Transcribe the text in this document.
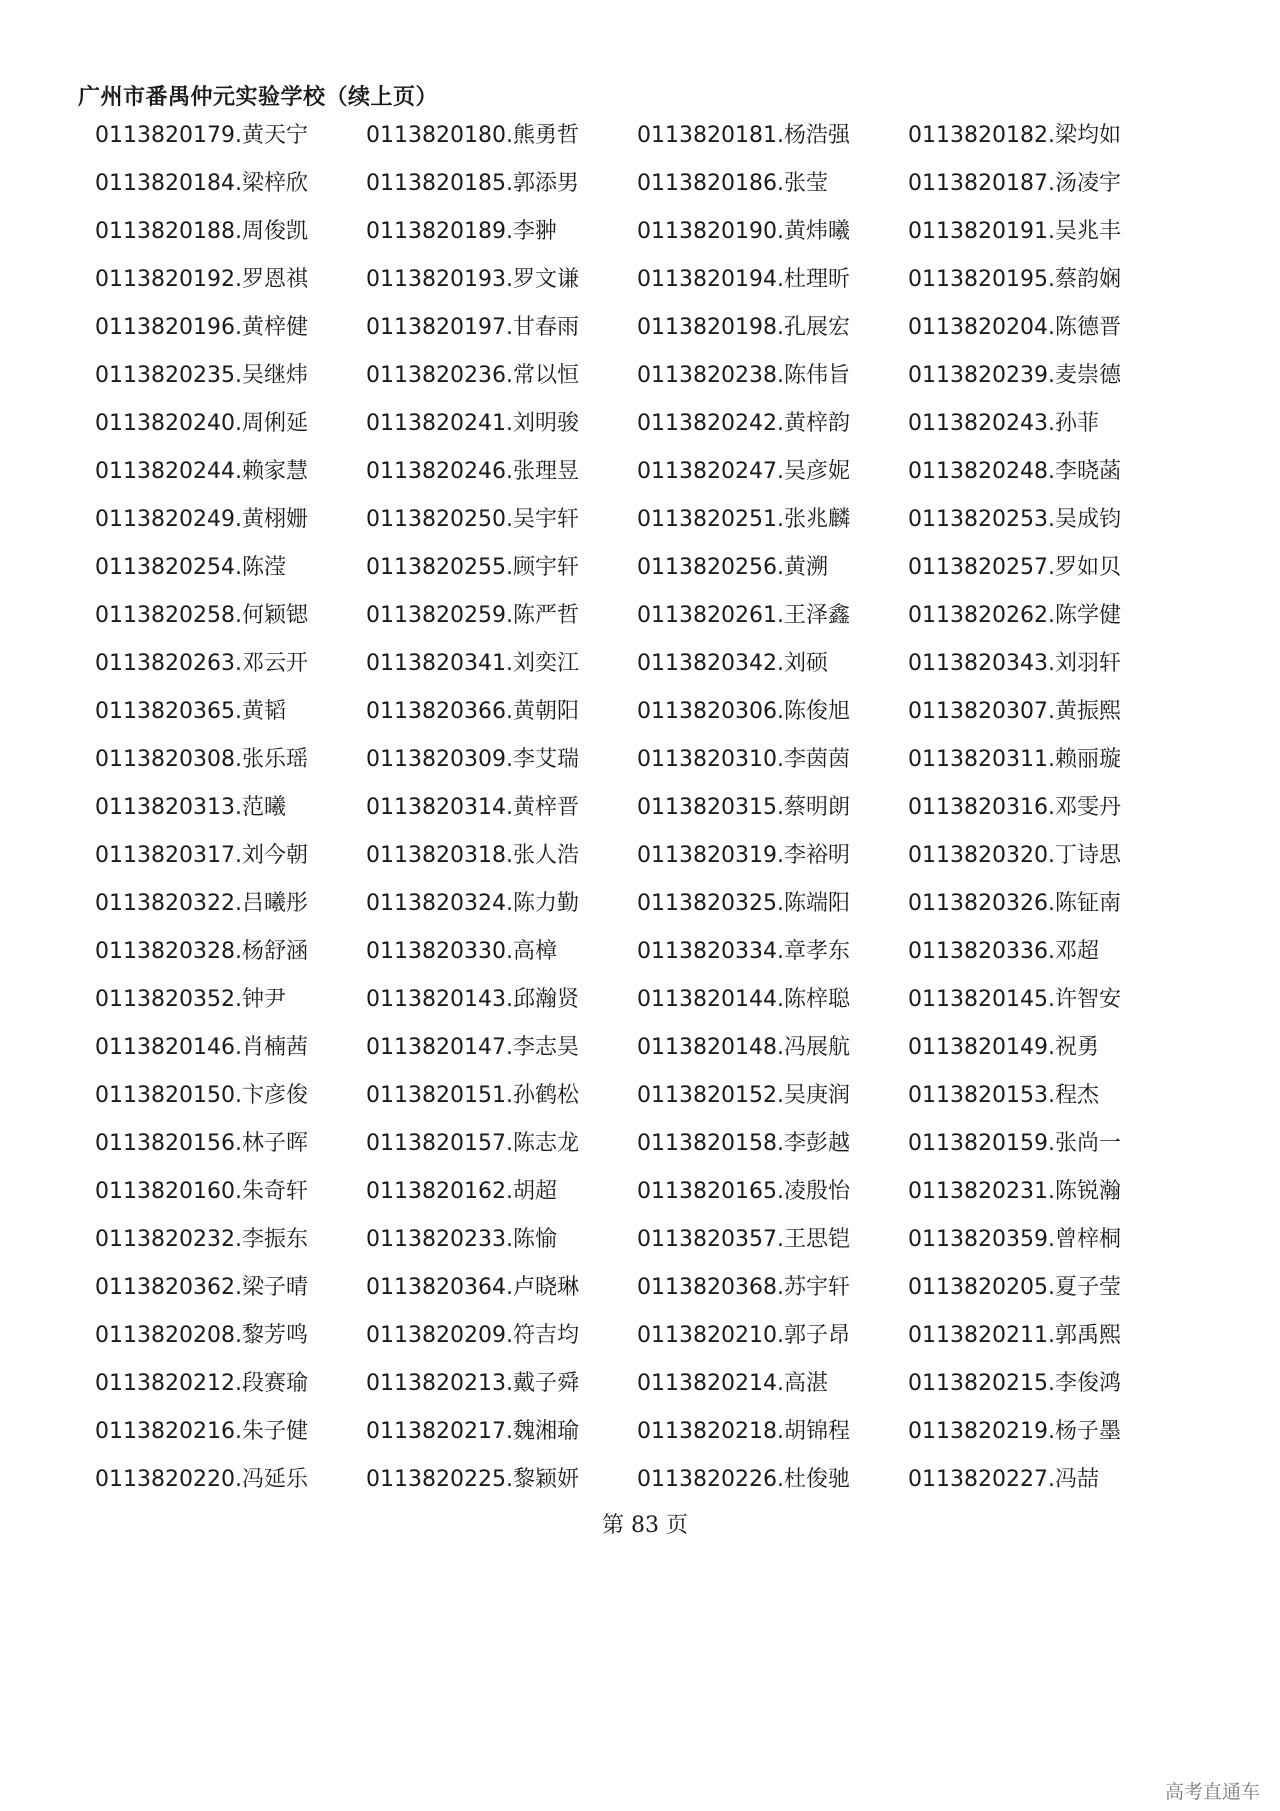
广州市番禺仲元实验学校（续上页）
0113820179.黄天宁	0113820180.熊勇哲	0113820181.杨浩强	0113820182.梁均如
0113820184.梁梓欣	0113820185.郭添男	0113820186.张莹	0113820187.汤凌宇
0113820188.周俊凯	0113820189.李翀	0113820190.黄炜曦	0113820191.吴兆丰
0113820192.罗恩祺	0113820193.罗文谦	0113820194.杜理昕	0113820195.蔡韵娴
0113820196.黄梓健	0113820197.甘春雨	0113820198.孔展宏	0113820204.陈德晋
0113820235.吴继炜	0113820236.常以恒	0113820238.陈伟旨	0113820239.麦崇德
0113820240.周俐延	0113820241.刘明骏	0113820242.黄梓韵	0113820243.孙菲
0113820244.赖家慧	0113820246.张理昱	0113820247.吴彦妮	0113820248.李晓菡
0113820249.黄栩姗	0113820250.吴宇轩	0113820251.张兆麟	0113820253.吴成钧
0113820254.陈滢	0113820255.顾宇轩	0113820256.黄溯	0113820257.罗如贝
0113820258.何颖锶	0113820259.陈严哲	0113820261.王泽鑫	0113820262.陈学健
0113820263.邓云开	0113820341.刘奕江	0113820342.刘硕	0113820343.刘羽轩
0113820365.黄韬	0113820366.黄朝阳	0113820306.陈俊旭	0113820307.黄振熙
0113820308.张乐瑶	0113820309.李艾瑞	0113820310.李茵茵	0113820311.赖丽璇
0113820313.范曦	0113820314.黄梓晋	0113820315.蔡明朗	0113820316.邓雯丹
0113820317.刘今朝	0113820318.张人浩	0113820319.李裕明	0113820320.丁诗思
0113820322.吕曦彤	0113820324.陈力勤	0113820325.陈端阳	0113820326.陈钲南
0113820328.杨舒涵	0113820330.高樟	0113820334.章孝东	0113820336.邓超
0113820352.钟尹	0113820143.邱瀚贤	0113820144.陈梓聪	0113820145.许智安
0113820146.肖楠茜	0113820147.李志昊	0113820148.冯展航	0113820149.祝勇
0113820150.卞彦俊	0113820151.孙鹤松	0113820152.吴庚润	0113820153.程杰
0113820156.林子晖	0113820157.陈志龙	0113820158.李彭越	0113820159.张尚一
0113820160.朱奇轩	0113820162.胡超	0113820165.凌殷怡	0113820231.陈锐瀚
0113820232.李振东	0113820233.陈愉	0113820357.王思铠	0113820359.曾梓桐
0113820362.梁子晴	0113820364.卢晓琳	0113820368.苏宇轩	0113820205.夏子莹
0113820208.黎芳鸣	0113820209.符吉均	0113820210.郭子昂	0113820211.郭禹熙
0113820212.段赛瑜	0113820213.戴子舜	0113820214.高湛	0113820215.李俊鸿
0113820216.朱子健	0113820217.魏湘瑜	0113820218.胡锦程	0113820219.杨子墨
0113820220.冯延乐	0113820225.黎颖妍	0113820226.杜俊驰	0113820227.冯喆
第 83 页
高考直通车
